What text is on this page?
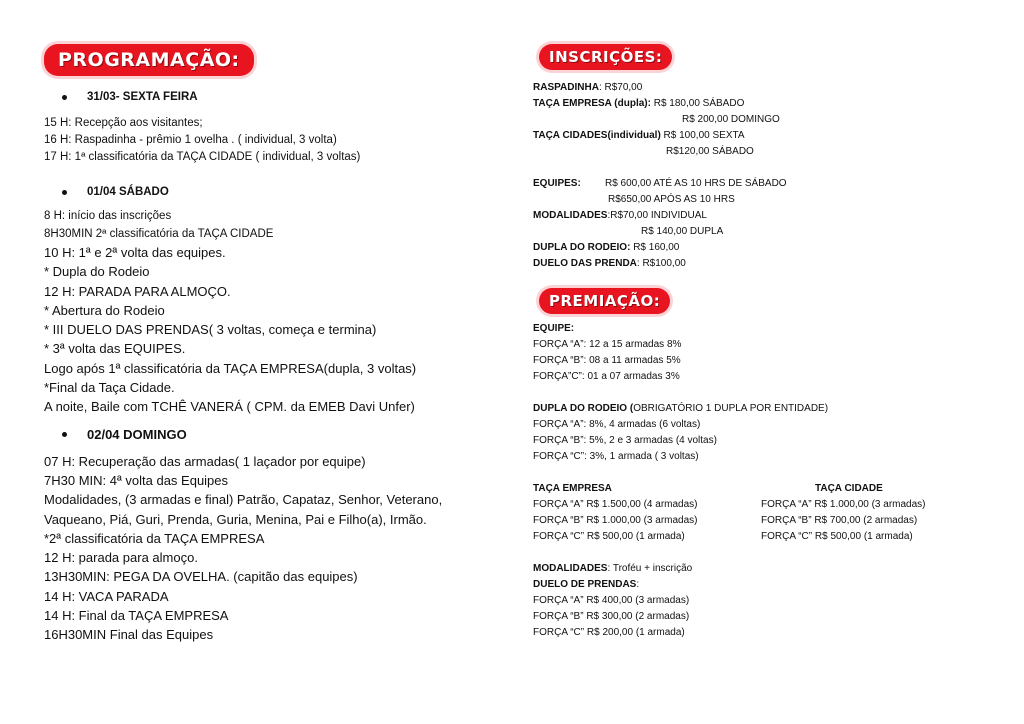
PROGRAMAÇÃO:
31/03- SEXTA FEIRA
15 H: Recepção aos visitantes;
16 H: Raspadinha - prêmio 1 ovelha . ( individual, 3 volta)
17 H: 1ª classificatória da TAÇA CIDADE ( individual, 3 voltas)
01/04 SÁBADO
8 H: início das inscrições
8H30MIN 2ª classificatória da TAÇA CIDADE
10 H: 1ª e 2ª volta das equipes.
* Dupla do Rodeio
12 H: PARADA PARA ALMOÇO.
* Abertura do Rodeio
* III DUELO DAS PRENDAS( 3 voltas, começa e termina)
* 3ª volta das EQUIPES.
Logo após 1ª classificatória da TAÇA EMPRESA(dupla, 3 voltas)
*Final da Taça Cidade.
A noite, Baile com TCHÊ VANERÁ ( CPM. da EMEB Davi Unfer)
02/04 DOMINGO
07 H: Recuperação das armadas( 1 laçador por equipe)
7H30 MIN: 4ª volta das Equipes
Modalidades, (3 armadas e final) Patrão, Capataz, Senhor, Veterano,
Vaqueano, Piá, Guri, Prenda, Guria, Menina, Pai e Filho(a), Irmão.
*2ª classificatória da TAÇA EMPRESA
12 H: parada para almoço.
13H30MIN: PEGA DA OVELHA. (capitão das equipes)
14 H: VACA PARADA
14 H: Final da TAÇA EMPRESA
16H30MIN Final das Equipes
INSCRIÇÕES:
RASPADINHA: R$70,00
TAÇA EMPRESA (dupla): R$ 180,00 SÁBADO
R$ 200,00 DOMINGO
TAÇA CIDADES(individual) R$ 100,00 SEXTA
R$120,00 SÁBADO
EQUIPES: R$ 600,00 ATÉ AS 10 HRS DE SÁBADO
R$650,00 APÓS AS 10 HRS
MODALIDADES:R$70,00 INDIVIDUAL
R$ 140,00 DUPLA
DUPLA DO RODEIO: R$ 160,00
DUELO DAS PRENDA: R$100,00
PREMIAÇÃO:
EQUIPE:
FORÇA “A”: 12 a 15 armadas 8%
FORÇA “B”: 08 a 11 armadas 5%
FORÇA”C”: 01 a 07 armadas 3%
DUPLA DO RODEIO (OBRIGATÓRIO 1 DUPLA POR ENTIDADE)
FORÇA “A”: 8%, 4 armadas (6 voltas)
FORÇA “B”: 5%, 2 e 3 armadas (4 voltas)
FORÇA “C”: 3%, 1 armada ( 3 voltas)
TAÇA EMPRESA
FORÇA “A” R$ 1.500,00 (4 armadas)
FORÇA “B” R$ 1.000,00 (3 armadas)
FORÇA “C” R$ 500,00 (1 armada)
TAÇA CIDADE
FORÇA “A” R$ 1.000,00 (3 armadas)
FORÇA “B” R$ 700,00 (2 armadas)
FORÇA “C” R$ 500,00 (1 armada)
MODALIDADES: Troféu + inscrição
DUELO DE PRENDAS:
FORÇA “A” R$ 400,00 (3 armadas)
FORÇA “B” R$ 300,00 (2 armadas)
FORÇA “C” R$ 200,00 (1 armada)
